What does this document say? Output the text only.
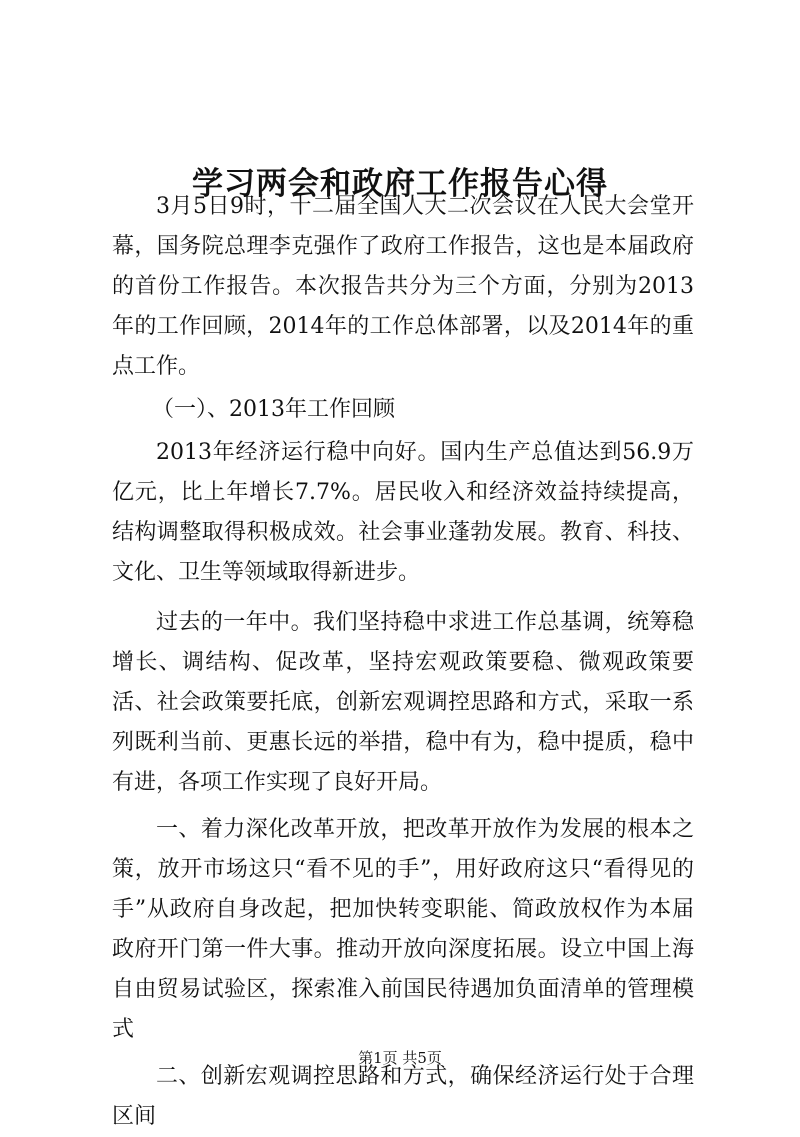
学习两会和政府工作报告心得

3月5日9时，十二届全国人大二次会议在人民大会堂开幕，国务院总理李克强作了政府工作报告，这也是本届政府的首份工作报告。本次报告共分为三个方面，分别为2013年的工作回顾，2014年的工作总体部署，以及2014年的重点工作。

（一）、2013年工作回顾

2013年经济运行稳中向好。国内生产总值达到56.9万亿元，比上年增长7.7%。居民收入和经济效益持续提高，结构调整取得积极成效。社会事业蓬勃发展。教育、科技、文化、卫生等领域取得新进步。

过去的一年中。我们坚持稳中求进工作总基调，统筹稳增长、调结构、促改革，坚持宏观政策要稳、微观政策要活、社会政策要托底，创新宏观调控思路和方式，采取一系列既利当前、更惠长远的举措，稳中有为，稳中提质，稳中有进，各项工作实现了良好开局。

一、着力深化改革开放，把改革开放作为发展的根本之策，放开市场这只“看不见的手”，用好政府这只“看得见的手”从政府自身改起，把加快转变职能、简政放权作为本届政府开门第一件大事。推动开放向深度拓展。设立中国上海自由贸易试验区，探索准入前国民待遇加负面清单的管理模式

二、创新宏观调控思路和方式，确保经济运行处于合理区间

第1页 共5页
